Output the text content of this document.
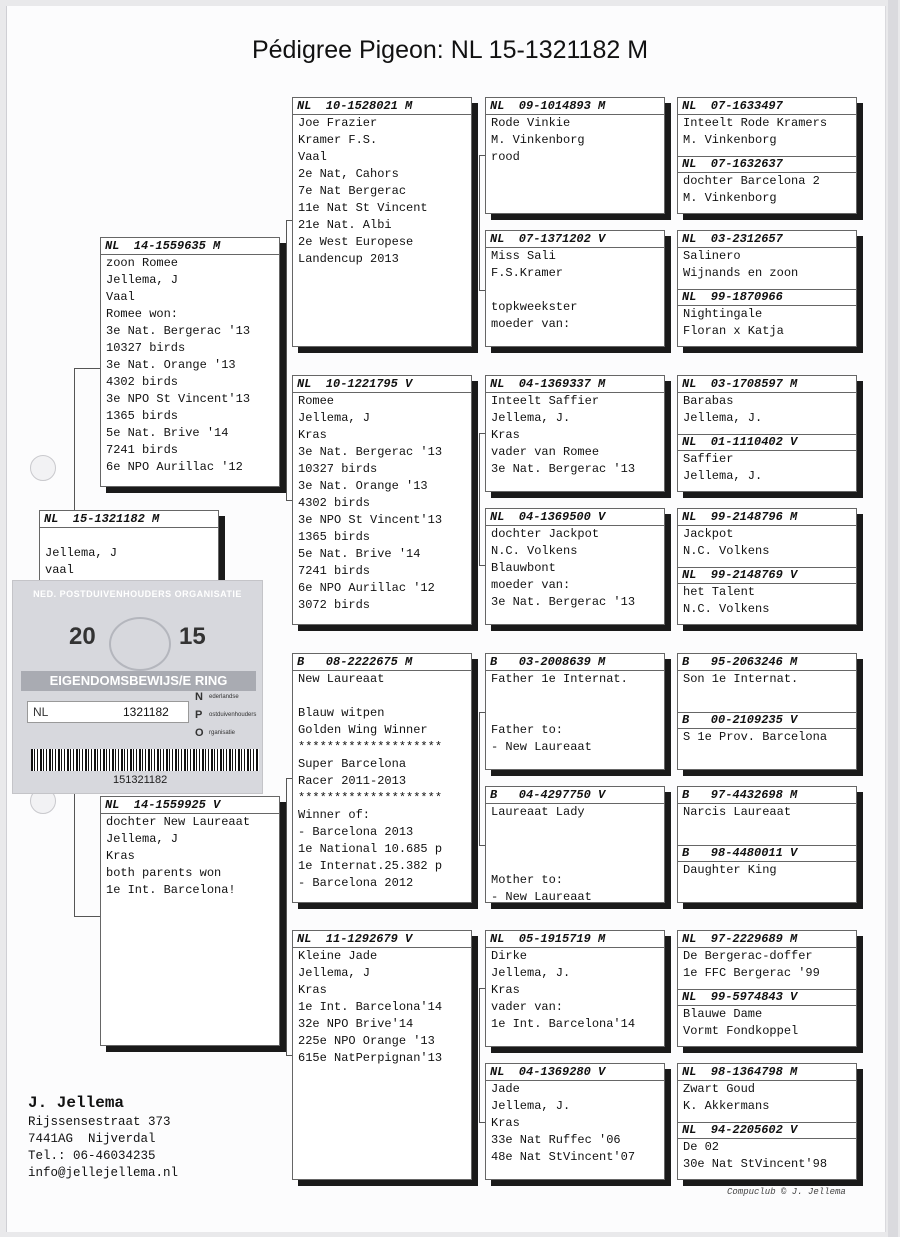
Pédigree Pigeon: NL 15-1321182 M
NL  15-1321182 M
Jellema, J
vaal
NL  14-1559635 M
zoon Romee
Jellema, J
Vaal
Romee won:
3e Nat. Bergerac '13
10327 birds
3e Nat. Orange '13
4302 birds
3e NPO St Vincent'13
1365 birds
5e Nat. Brive '14
7241 birds
6e NPO Aurillac '12
NL  14-1559925 V
dochter New Laureaat
Jellema, J
Kras
both parents won
1e Int. Barcelona!
NL  10-1528021 M
Joe Frazier
Kramer F.S.
Vaal
2e Nat, Cahors
7e Nat Bergerac
11e Nat St Vincent
21e Nat. Albi
2e West Europese
Landencup 2013
NL  10-1221795 V
Romee
Jellema, J
Kras
3e Nat. Bergerac '13
10327 birds
3e Nat. Orange '13
4302 birds
3e NPO St Vincent'13
1365 birds
5e Nat. Brive '14
7241 birds
6e NPO Aurillac '12
3072 birds
B   08-2222675 M
New Laureaat
Blauw witpen
Golden Wing Winner
********************
Super Barcelona
Racer 2011-2013
********************
Winner of:
- Barcelona 2013
1e National 10.685 p
1e Internat.25.382 p
- Barcelona 2012
NL  11-1292679 V
Kleine Jade
Jellema, J
Kras
1e Int. Barcelona'14
32e NPO Brive'14
225e NPO Orange '13
615e NatPerpignan'13
NL  09-1014893 M
Rode Vinkie
M. Vinkenborg
rood
NL  07-1371202 V
Miss Sali
F.S.Kramer
topkweekster
moeder van:
NL  04-1369337 M
Inteelt Saffier
Jellema, J.
Kras
vader van Romee
3e Nat. Bergerac '13
NL  04-1369500 V
dochter Jackpot
N.C. Volkens
Blauwbont
moeder van:
3e Nat. Bergerac '13
B   03-2008639 M
Father 1e Internat.
Father to:
- New Laureaat
B   04-4297750 V
Laureaat Lady
Mother to:
- New Laureaat
NL  05-1915719 M
Dirke
Jellema, J.
Kras
vader van:
1e Int. Barcelona'14
NL  04-1369280 V
Jade
Jellema, J.
Kras
33e Nat Ruffec '06
48e Nat StVincent'07
NL  07-1633497
Inteelt Rode Kramers
M. Vinkenborg
NL  07-1632637
dochter Barcelona 2
M. Vinkenborg
NL  03-2312657
Salinero
Wijnands en zoon
NL  99-1870966
Nightingale
Floran x Katja
NL  03-1708597 M
Barabas
Jellema, J.
NL  01-1110402 V
Saffier
Jellema, J.
NL  99-2148796 M
Jackpot
N.C. Volkens
NL  99-2148769 V
het Talent
N.C. Volkens
B   95-2063246 M
Son 1e Internat.
B   00-2109235 V
S 1e Prov. Barcelona
B   97-4432698 M
Narcis Laureaat
B   98-4480011 V
Daughter King
NL  97-2229689 M
De Bergerac-doffer
1e FFC Bergerac '99
NL  99-5974843 V
Blauwe Dame
Vormt Fondkoppel
NL  98-1364798 M
Zwart Goud
K. Akkermans
NL  94-2205602 V
De 02
30e Nat StVincent'98
NED. POSTDUIVENHOUDERS ORGANISATIE
20	15
EIGENDOMSBEWIJS/E RING
NL	1321182
N ederlandse
P ostduivenhouders
O rganisatie
151321182
J. Jellema
Rijssensestraat 373
7441AG  Nijverdal
Tel.: 06-46034235
info@jellejellema.nl
Compuclub © J. Jellema
